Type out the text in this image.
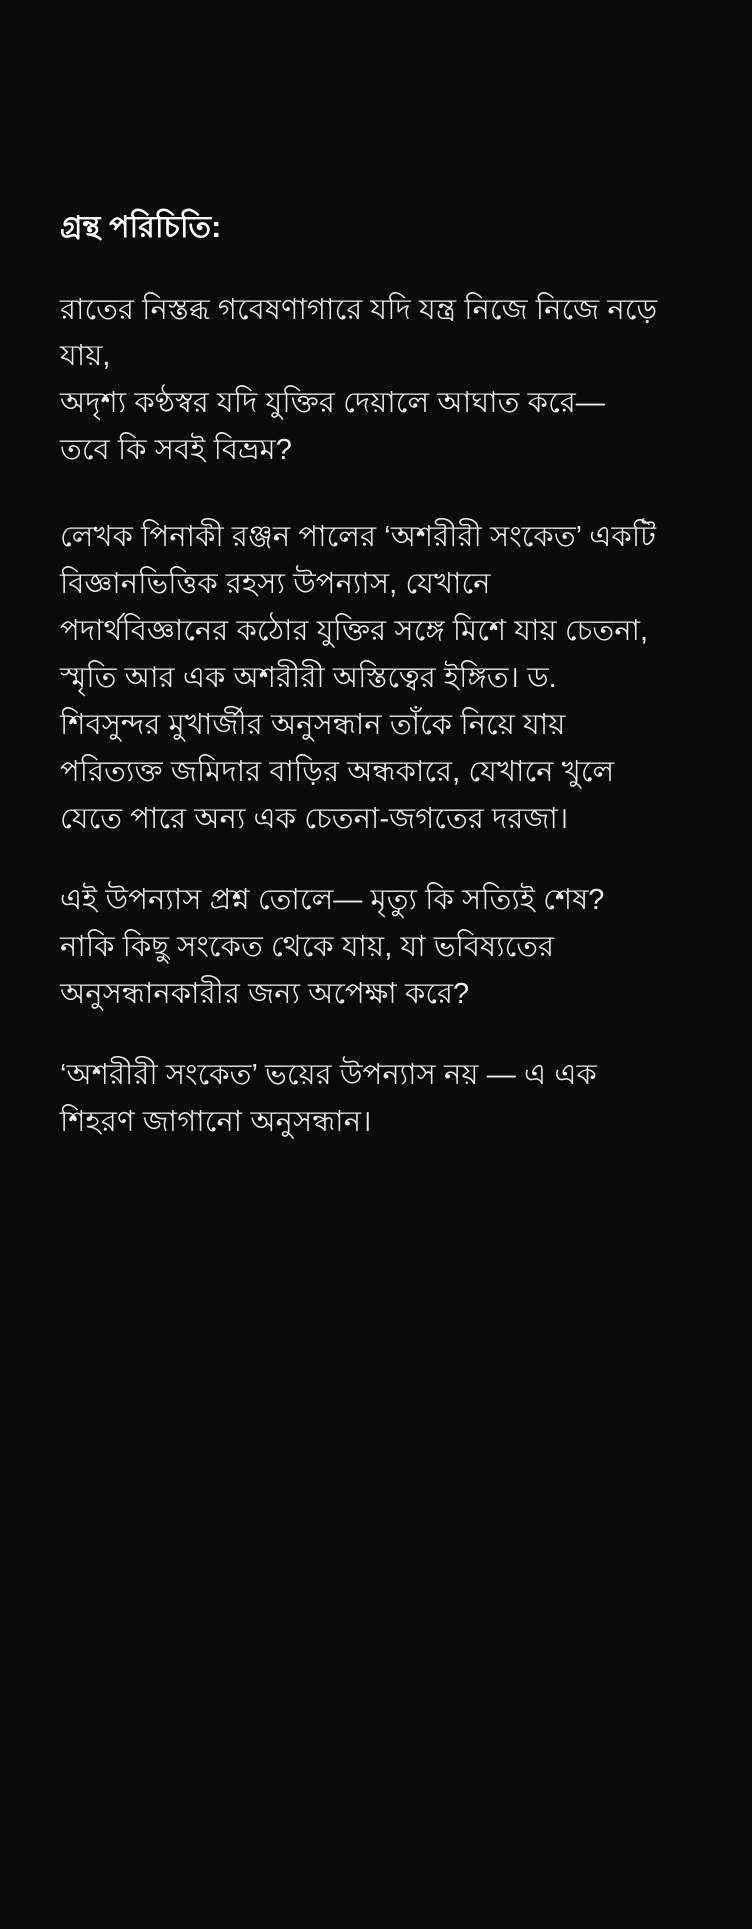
গ্রন্থ পরিচিতি:

রাতের নিস্তব্ধ গবেষণাগারে যদি যন্ত্র নিজে নিজে নড়ে যায়,
অদৃশ্য কণ্ঠস্বর যদি যুক্তির দেয়ালে আঘাত করে— তবে কি সবই বিভ্রম?

লেখক পিনাকী রঞ্জন পালের ‘অশরীরী সংকেত’ একটি বিজ্ঞানভিত্তিক রহস্য উপন্যাস, যেখানে পদার্থবিজ্ঞানের কঠোর যুক্তির সঙ্গে মিশে যায় চেতনা, স্মৃতি আর এক অশরীরী অস্তিত্বের ইঙ্গিত। ড. শিবসুন্দর মুখার্জীর অনুসন্ধান তাঁকে নিয়ে যায় পরিত্যক্ত জমিদার বাড়ির অন্ধকারে, যেখানে খুলে যেতে পারে অন্য এক চেতনা-জগতের দরজা।

এই উপন্যাস প্রশ্ন তোলে— মৃত্যু কি সত্যিই শেষ? নাকি কিছু সংকেত থেকে যায়, যা ভবিষ্যতের অনুসন্ধানকারীর জন্য অপেক্ষা করে?

‘অশরীরী সংকেত’ ভয়ের উপন্যাস নয় — এ এক শিহরণ জাগানো অনুসন্ধান।
